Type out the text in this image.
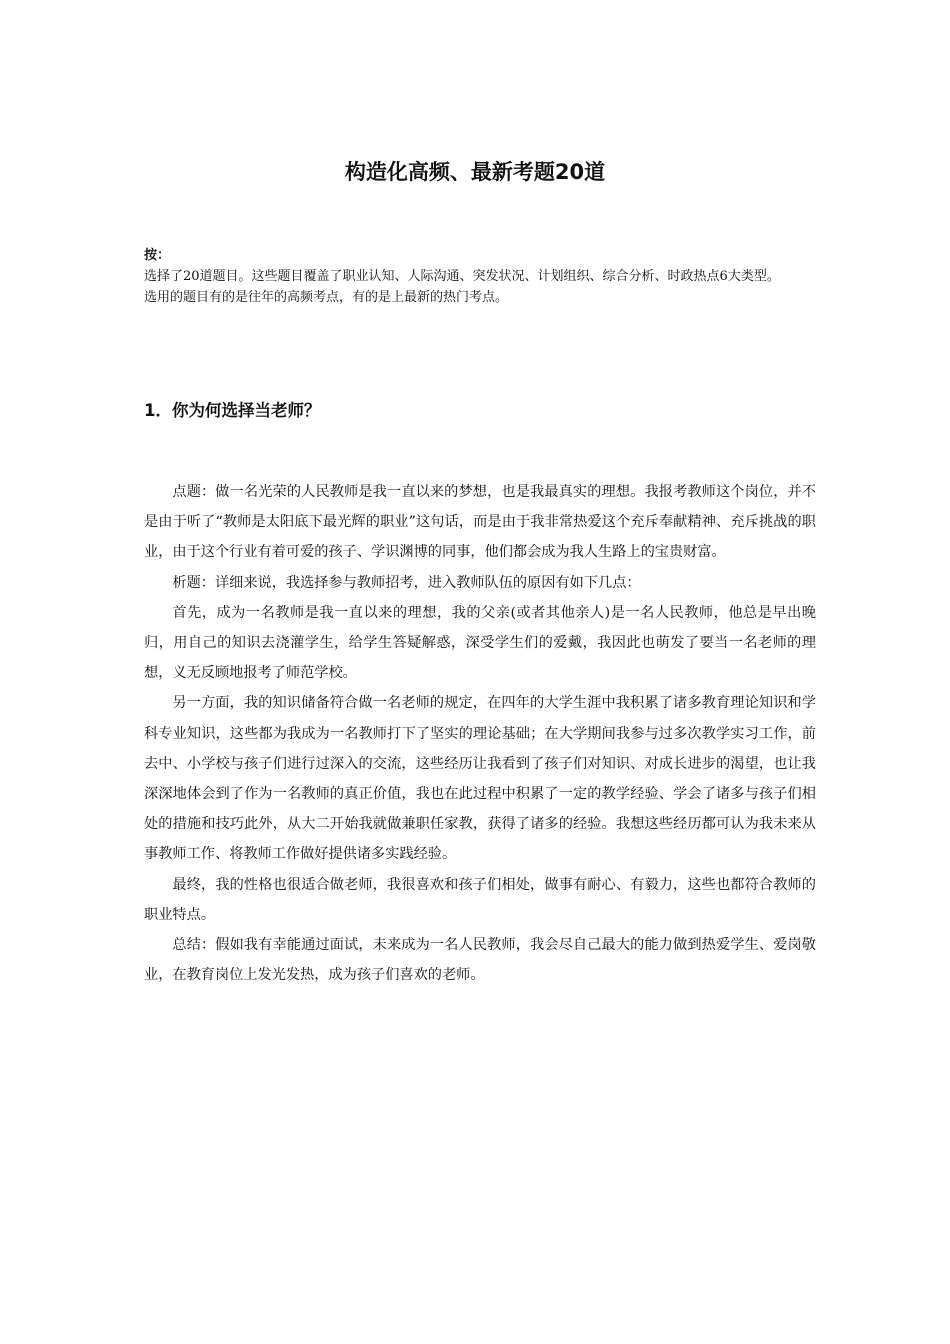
构造化高频、最新考题20道
按：
选择了20道题目。这些题目覆盖了职业认知、人际沟通、突发状况、计划组织、综合分析、时政热点6大类型。
选用的题目有的是往年的高频考点，有的是上最新的热门考点。
1．你为何选择当老师？

点题：做一名光荣的人民教师是我一直以来的梦想，也是我最真实的理想。我报考教师这个岗位，并不是由于听了“教师是太阳底下最光辉的职业”这句话，而是由于我非常热爱这个充斥奉献精神、充斥挑战的职业，由于这个行业有着可爱的孩子、学识渊博的同事，他们都会成为我人生路上的宝贵财富。

析题：详细来说，我选择参与教师招考，进入教师队伍的原因有如下几点：

首先，成为一名教师是我一直以来的理想，我的父亲(或者其他亲人)是一名人民教师，他总是早出晚归，用自己的知识去浇灌学生，给学生答疑解惑，深受学生们的爱戴，我因此也萌发了要当一名老师的理想，义无反顾地报考了师范学校。

另一方面，我的知识储备符合做一名老师的规定，在四年的大学生涯中我积累了诸多教育理论知识和学科专业知识，这些都为我成为一名教师打下了坚实的理论基础；在大学期间我参与过多次教学实习工作，前去中、小学校与孩子们进行过深入的交流，这些经历让我看到了孩子们对知识、对成长进步的渴望，也让我深深地体会到了作为一名教师的真正价值，我也在此过程中积累了一定的教学经验、学会了诸多与孩子们相处的措施和技巧此外，从大二开始我就做兼职任家教，获得了诸多的经验。我想这些经历都可认为我未来从事教师工作、将教师工作做好提供诸多实践经验。

最终，我的性格也很适合做老师，我很喜欢和孩子们相处，做事有耐心、有毅力，这些也都符合教师的职业特点。

总结：假如我有幸能通过面试，未来成为一名人民教师，我会尽自己最大的能力做到热爱学生、爱岗敬业，在教育岗位上发光发热，成为孩子们喜欢的老师。
